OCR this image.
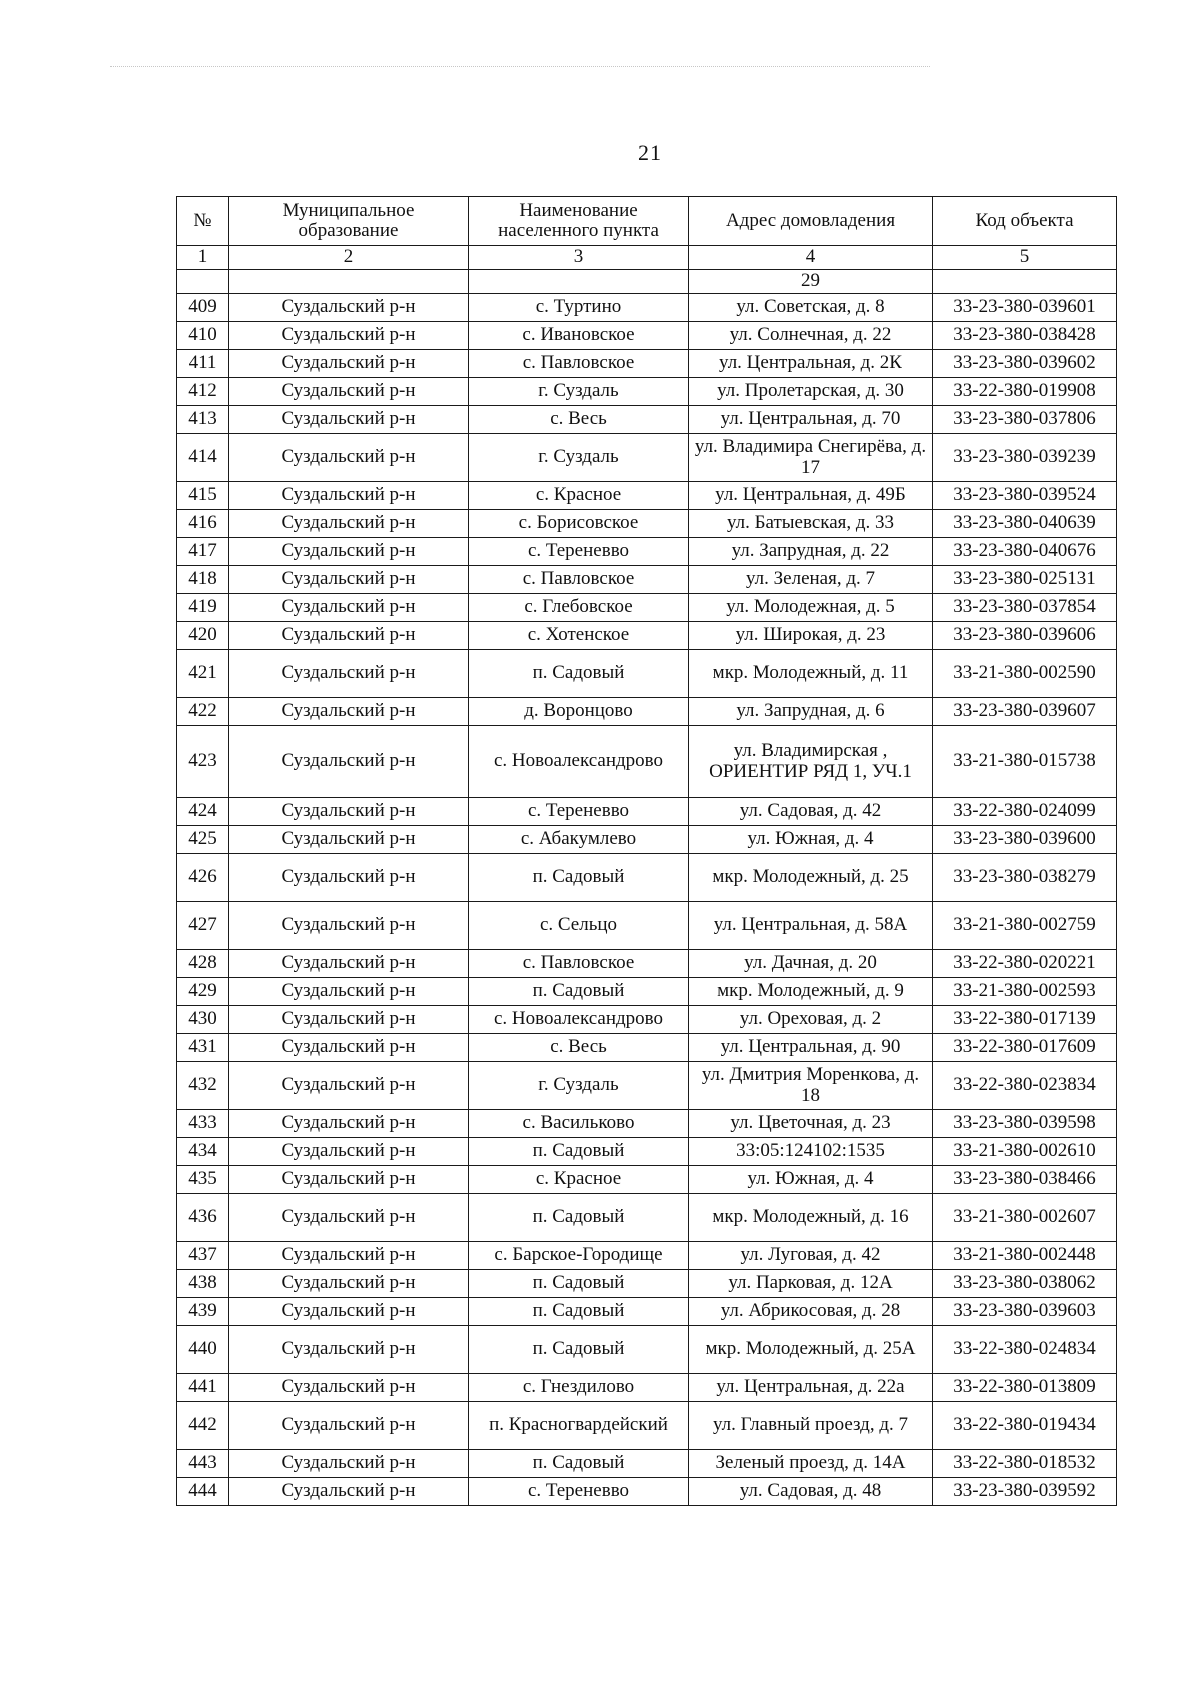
21
№	Муниципальное образование	Наименование населенного пункта	Адрес домовладения	Код объекта
1	2	3	4	5
			29	
409	Суздальский р-н	с. Туртино	ул. Советская, д. 8	33-23-380-039601
410	Суздальский р-н	с. Ивановское	ул. Солнечная, д. 22	33-23-380-038428
411	Суздальский р-н	с. Павловское	ул. Центральная, д. 2К	33-23-380-039602
412	Суздальский р-н	г. Суздаль	ул. Пролетарская, д. 30	33-22-380-019908
413	Суздальский р-н	с. Весь	ул. Центральная, д. 70	33-23-380-037806
414	Суздальский р-н	г. Суздаль	ул. Владимира Снегирёва, д. 17	33-23-380-039239
415	Суздальский р-н	с. Красное	ул. Центральная, д. 49Б	33-23-380-039524
416	Суздальский р-н	с. Борисовское	ул. Батыевская, д. 33	33-23-380-040639
417	Суздальский р-н	с. Тереневво	ул. Запрудная, д. 22	33-23-380-040676
418	Суздальский р-н	с. Павловское	ул. Зеленая, д. 7	33-23-380-025131
419	Суздальский р-н	с. Глебовское	ул. Молодежная, д. 5	33-23-380-037854
420	Суздальский р-н	с. Хотенское	ул. Широкая, д. 23	33-23-380-039606
421	Суздальский р-н	п. Садовый	мкр. Молодежный, д. 11	33-21-380-002590
422	Суздальский р-н	д. Воронцово	ул. Запрудная, д. 6	33-23-380-039607
423	Суздальский р-н	с. Новоалександрово	ул. Владимирская , ОРИЕНТИР РЯД 1, УЧ.1	33-21-380-015738
424	Суздальский р-н	с. Тереневво	ул. Садовая, д. 42	33-22-380-024099
425	Суздальский р-н	с. Абакумлево	ул. Южная, д. 4	33-23-380-039600
426	Суздальский р-н	п. Садовый	мкр. Молодежный, д. 25	33-23-380-038279
427	Суздальский р-н	с. Сельцо	ул. Центральная, д. 58А	33-21-380-002759
428	Суздальский р-н	с. Павловское	ул. Дачная, д. 20	33-22-380-020221
429	Суздальский р-н	п. Садовый	мкр. Молодежный, д. 9	33-21-380-002593
430	Суздальский р-н	с. Новоалександрово	ул. Ореховая, д. 2	33-22-380-017139
431	Суздальский р-н	с. Весь	ул. Центральная, д. 90	33-22-380-017609
432	Суздальский р-н	г. Суздаль	ул. Дмитрия Моренкова, д. 18	33-22-380-023834
433	Суздальский р-н	с. Васильково	ул. Цветочная, д. 23	33-23-380-039598
434	Суздальский р-н	п. Садовый	33:05:124102:1535	33-21-380-002610
435	Суздальский р-н	с. Красное	ул. Южная, д. 4	33-23-380-038466
436	Суздальский р-н	п. Садовый	мкр. Молодежный, д. 16	33-21-380-002607
437	Суздальский р-н	с. Барское-Городище	ул. Луговая, д. 42	33-21-380-002448
438	Суздальский р-н	п. Садовый	ул. Парковая, д. 12А	33-23-380-038062
439	Суздальский р-н	п. Садовый	ул. Абрикосовая, д. 28	33-23-380-039603
440	Суздальский р-н	п. Садовый	мкр. Молодежный, д. 25А	33-22-380-024834
441	Суздальский р-н	с. Гнездилово	ул. Центральная, д. 22а	33-22-380-013809
442	Суздальский р-н	п. Красногвардейский	ул. Главный проезд, д. 7	33-22-380-019434
443	Суздальский р-н	п. Садовый	Зеленый проезд, д. 14А	33-22-380-018532
444	Суздальский р-н	с. Тереневво	ул. Садовая, д. 48	33-23-380-039592
